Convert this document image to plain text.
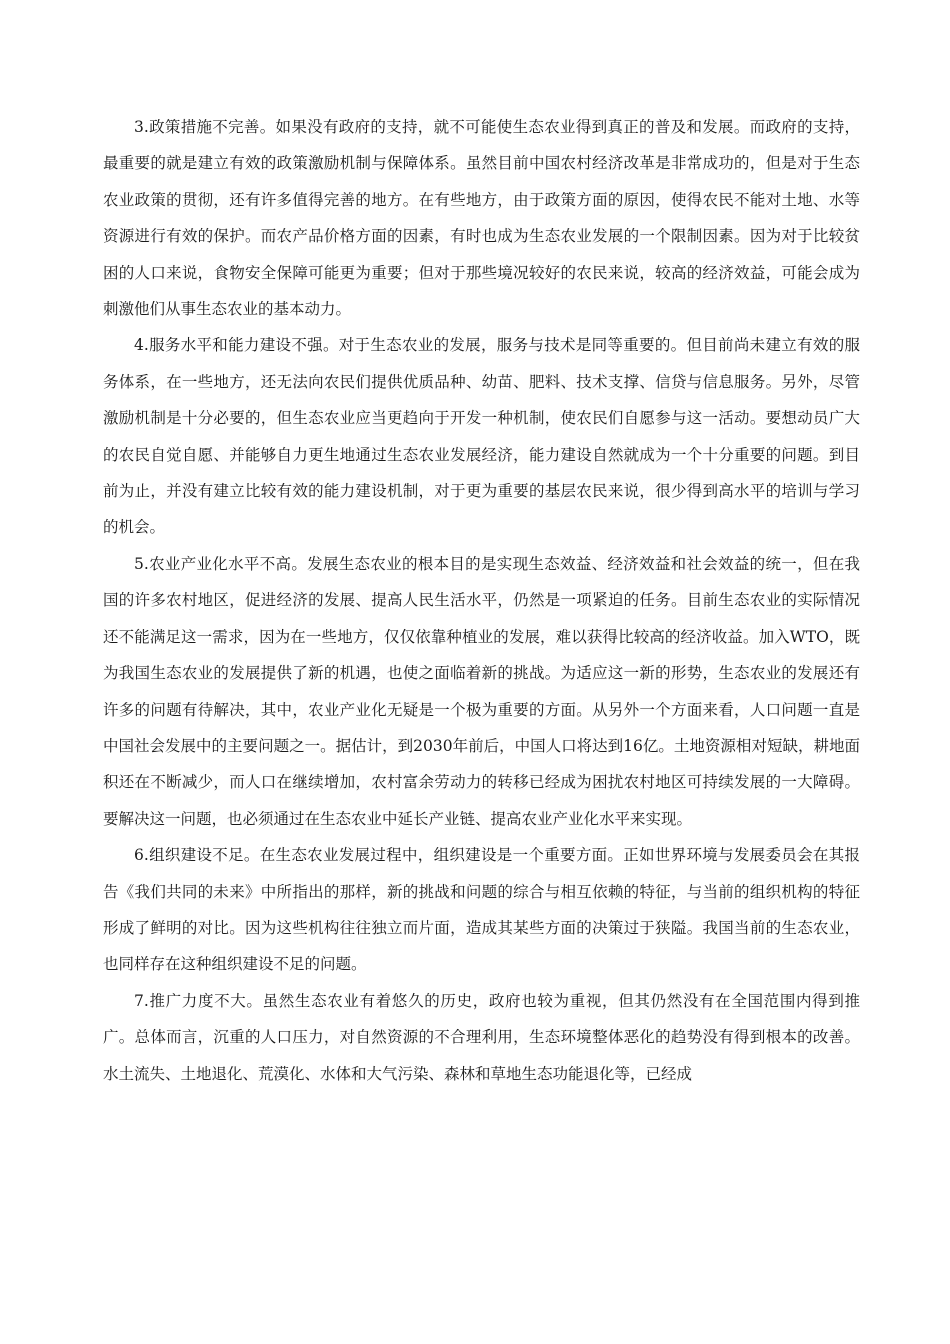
3.政策措施不完善。如果没有政府的支持，就不可能使生态农业得到真正的普及和发展。而政府的支持，最重要的就是建立有效的政策激励机制与保障体系。虽然目前中国农村经济改革是非常成功的，但是对于生态农业政策的贯彻，还有许多值得完善的地方。在有些地方，由于政策方面的原因，使得农民不能对土地、水等资源进行有效的保护。而农产品价格方面的因素，有时也成为生态农业发展的一个限制因素。因为对于比较贫困的人口来说，食物安全保障可能更为重要；但对于那些境况较好的农民来说，较高的经济效益，可能会成为刺激他们从事生态农业的基本动力。

4.服务水平和能力建设不强。对于生态农业的发展，服务与技术是同等重要的。但目前尚未建立有效的服务体系，在一些地方，还无法向农民们提供优质品种、幼苗、肥料、技术支撑、信贷与信息服务。另外，尽管激励机制是十分必要的，但生态农业应当更趋向于开发一种机制，使农民们自愿参与这一活动。要想动员广大的农民自觉自愿、并能够自力更生地通过生态农业发展经济，能力建设自然就成为一个十分重要的问题。到目前为止，并没有建立比较有效的能力建设机制，对于更为重要的基层农民来说，很少得到高水平的培训与学习的机会。

5.农业产业化水平不高。发展生态农业的根本目的是实现生态效益、经济效益和社会效益的统一，但在我国的许多农村地区，促进经济的发展、提高人民生活水平，仍然是一项紧迫的任务。目前生态农业的实际情况还不能满足这一需求，因为在一些地方，仅仅依靠种植业的发展，难以获得比较高的经济收益。加入WTO，既为我国生态农业的发展提供了新的机遇，也使之面临着新的挑战。为适应这一新的形势，生态农业的发展还有许多的问题有待解决，其中，农业产业化无疑是一个极为重要的方面。从另外一个方面来看，人口问题一直是中国社会发展中的主要问题之一。据估计，到2030年前后，中国人口将达到16亿。土地资源相对短缺，耕地面积还在不断减少，而人口在继续增加，农村富余劳动力的转移已经成为困扰农村地区可持续发展的一大障碍。要解决这一问题，也必须通过在生态农业中延长产业链、提高农业产业化水平来实现。

6.组织建设不足。在生态农业发展过程中，组织建设是一个重要方面。正如世界环境与发展委员会在其报告《我们共同的未来》中所指出的那样，新的挑战和问题的综合与相互依赖的特征，与当前的组织机构的特征形成了鲜明的对比。因为这些机构往往独立而片面，造成其某些方面的决策过于狭隘。我国当前的生态农业，也同样存在这种组织建设不足的问题。

7.推广力度不大。虽然生态农业有着悠久的历史，政府也较为重视，但其仍然没有在全国范围内得到推广。总体而言，沉重的人口压力，对自然资源的不合理利用，生态环境整体恶化的趋势没有得到根本的改善。水土流失、土地退化、荒漠化、水体和大气污染、森林和草地生态功能退化等，已经成
